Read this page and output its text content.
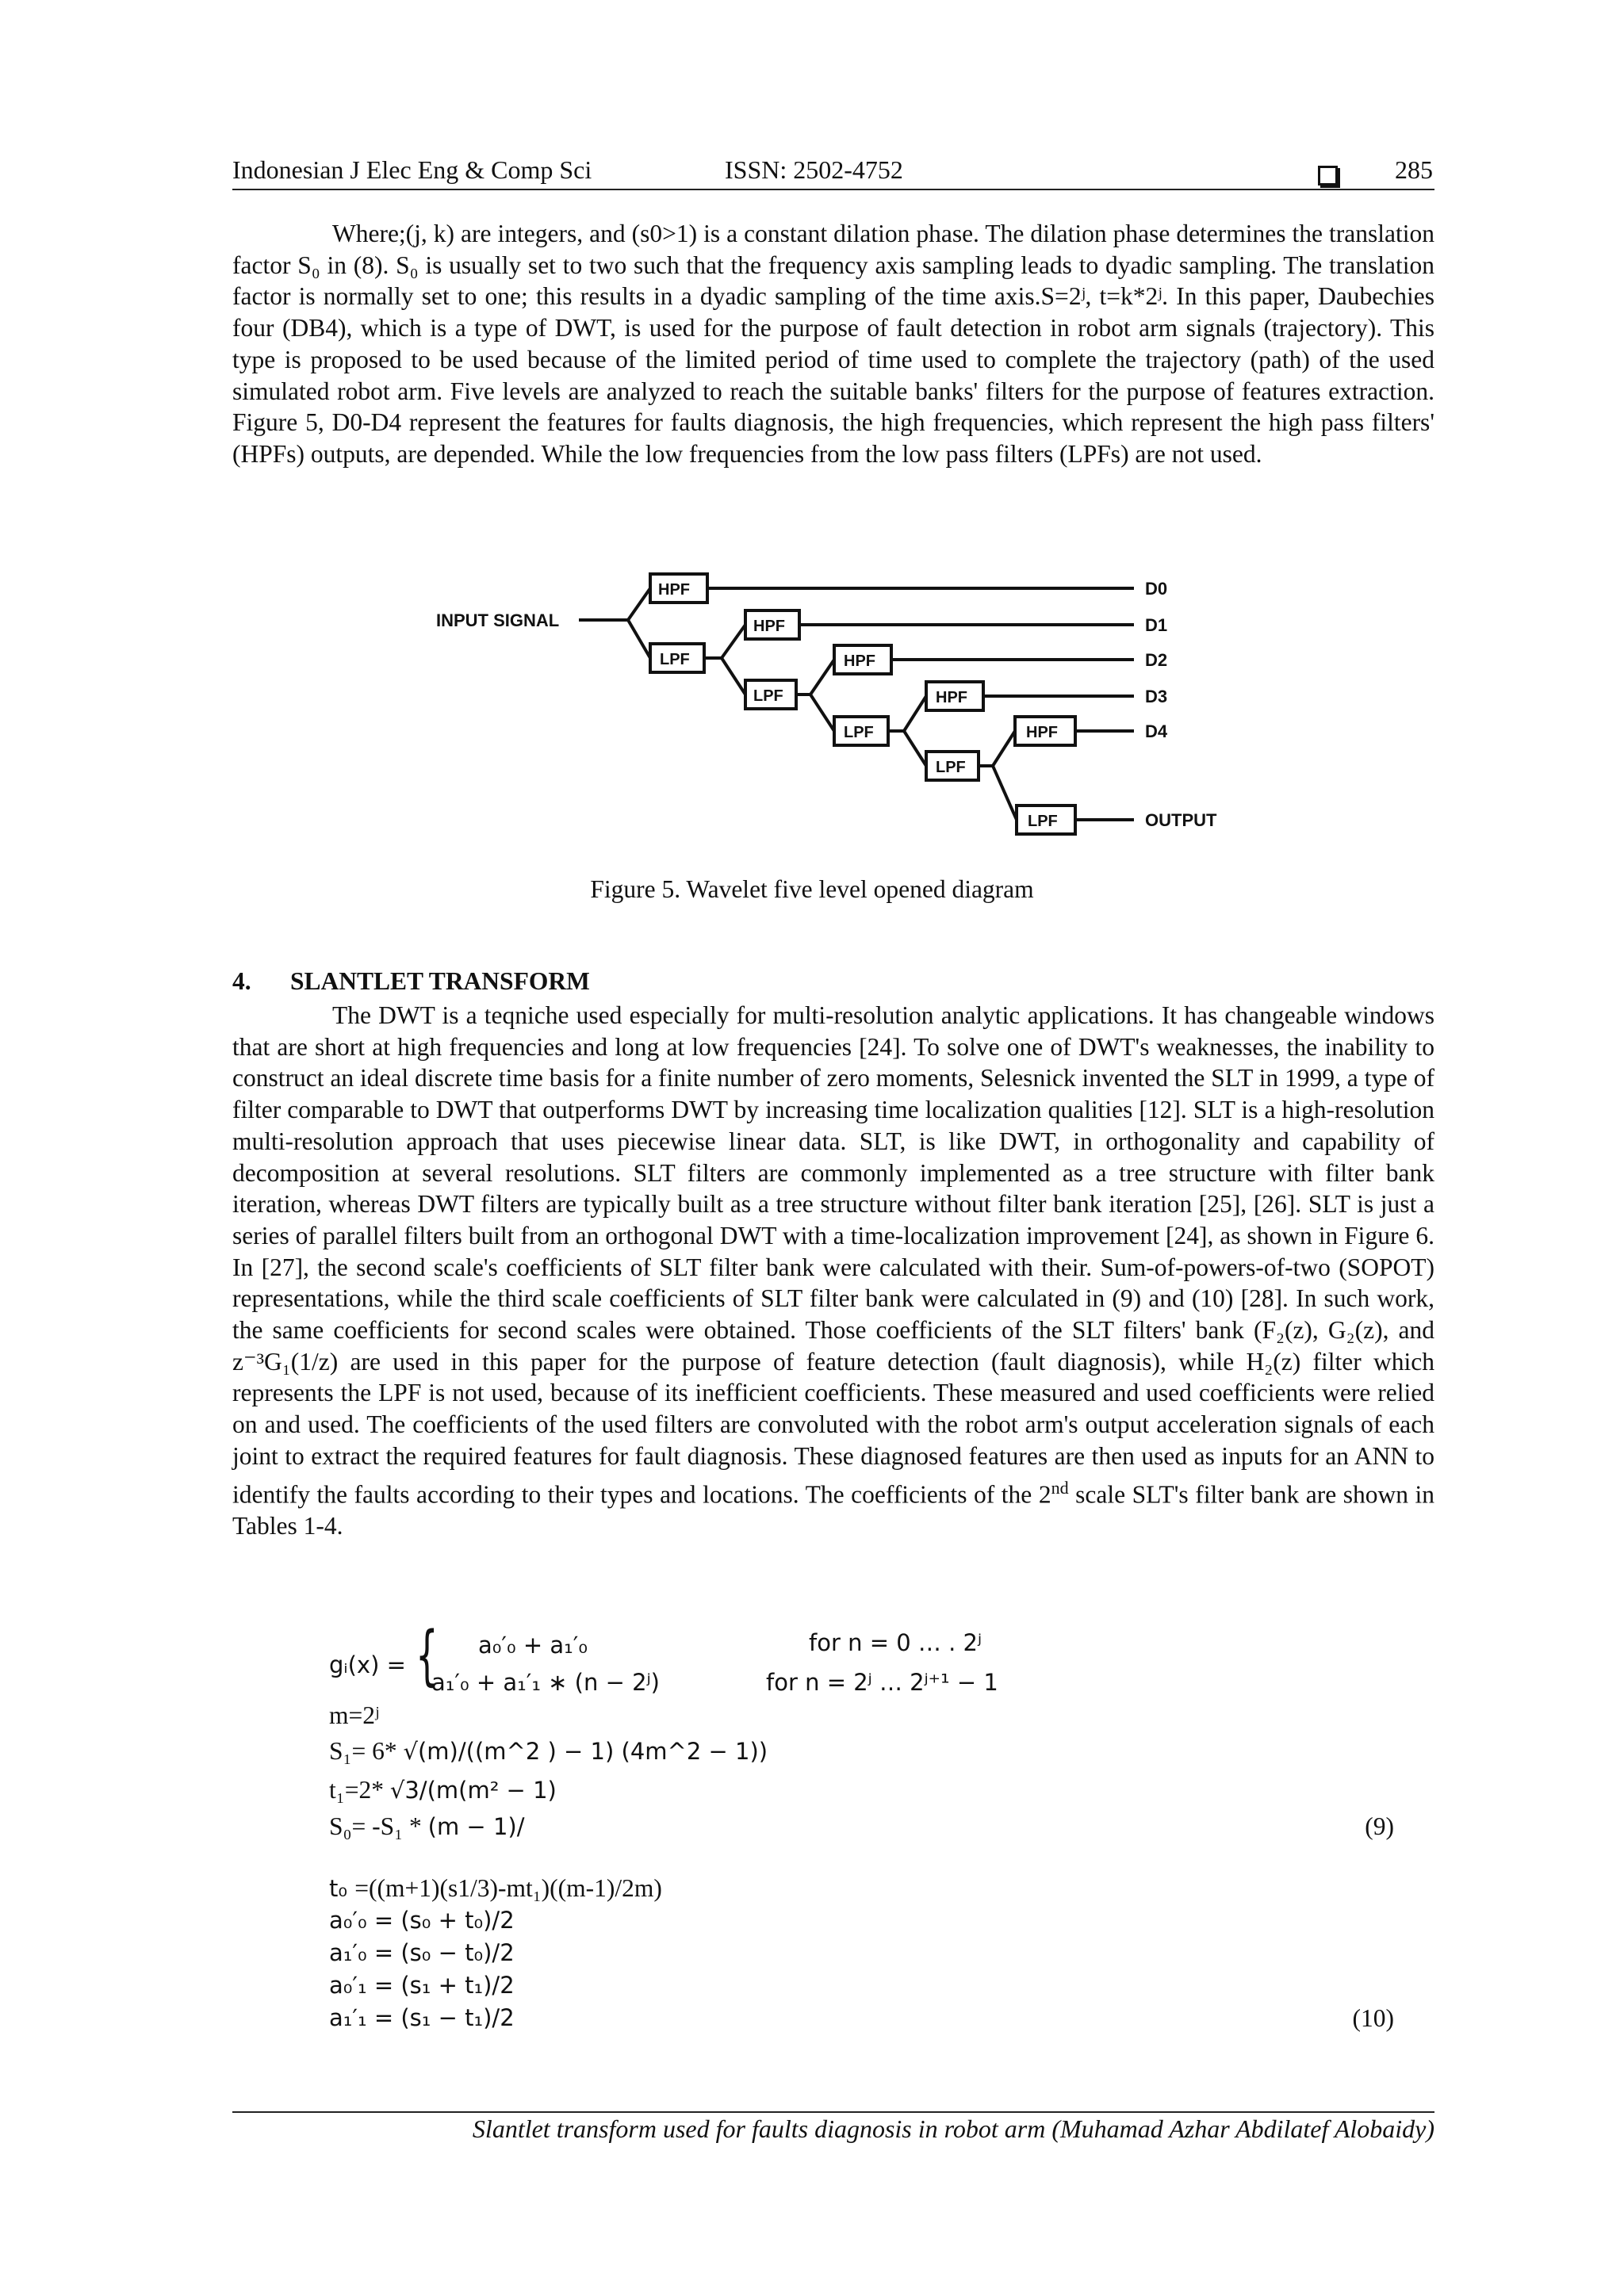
Indonesian J Elec Eng & Comp Sci	ISSN: 2502-4752	285

Where;(j, k) are integers, and (s0>1) is a constant dilation phase. The dilation phase determines the translation factor S₀ in (8). S₀ is usually set to two such that the frequency axis sampling leads to dyadic sampling. The translation factor is normally set to one; this results in a dyadic sampling of the time axis.S=2ʲ, t=k*2ʲ. In this paper, Daubechies four (DB4), which is a type of DWT, is used for the purpose of fault detection in robot arm signals (trajectory). This type is proposed to be used because of the limited period of time used to complete the trajectory (path) of the used simulated robot arm. Five levels are analyzed to reach the suitable banks' filters for the purpose of features extraction. Figure 5, D0-D4 represent the features for faults diagnosis, the high frequencies, which represent the high pass filters' (HPFs) outputs, are depended. While the low frequencies from the low pass filters (LPFs) are not used.

INPUT SIGNAL
HPF
LPF
HPF
LPF
HPF
LPF
HPF
LPF
HPF
LPF
D0
D1
D2
D3
D4
OUTPUT
Figure 5. Wavelet five level opened diagram
4. SLANTLET TRANSFORM

The DWT is a teqniche used especially for multi-resolution analytic applications. It has changeable windows that are short at high frequencies and long at low frequencies [24]. To solve one of DWT's weaknesses, the inability to construct an ideal discrete time basis for a finite number of zero moments, Selesnick invented the SLT in 1999, a type of filter comparable to DWT that outperforms DWT by increasing time localization qualities [12]. SLT is a high-resolution multi-resolution approach that uses piecewise linear data. SLT, is like DWT, in orthogonality and capability of decomposition at several resolutions. SLT filters are commonly implemented as a tree structure with filter bank iteration, whereas DWT filters are typically built as a tree structure without filter bank iteration [25], [26]. SLT is just a series of parallel filters built from an orthogonal DWT with a time-localization improvement [24], as shown in Figure 6. In [27], the second scale's coefficients of SLT filter bank were calculated with their. Sum-of-powers-of-two (SOPOT) representations, while the third scale coefficients of SLT filter bank were calculated in (9) and (10) [28]. In such work, the same coefficients for second scales were obtained. Those coefficients of the SLT filters' bank (F₂(z), G₂(z), and z⁻³G₁(1/z) are used in this paper for the purpose of feature detection (fault diagnosis), while H₂(z) filter which represents the LPF is not used, because of its inefficient coefficients. These measured and used coefficients were relied on and used. The coefficients of the used filters are convoluted with the robot arm's output acceleration signals of each joint to extract the required features for fault diagnosis. These diagnosed features are then used as inputs for an ANN to identify the faults according to their types and locations. The coefficients of the 2nd scale SLT's filter bank are shown in Tables 1-4.

gᵢ(x) = { a₀′₀ + a₁′₀	for n = 0 … . 2ʲ
a₁′₀ + a₁′₁ ∗ (n − 2ʲ)	for n = 2ʲ … 2ʲ⁺¹ − 1
m=2ʲ
S₁= 6* √(m)/((m^2 ) − 1) (4m^2 − 1))
t₁=2* √3/(m(m² − 1)
S₀= -S₁ * (m − 1)/	(9)
t₀ =((m+1)(s1/3)-mt₁)((m-1)/2m)
a₀′₀ = (s₀ + t₀)/2
a₁′₀ = (s₀ − t₀)/2
a₀′₁ = (s₁ + t₁)/2
a₁′₁ = (s₁ − t₁)/2	(10)
Slantlet transform used for faults diagnosis in robot arm (Muhamad Azhar Abdilatef Alobaidy)
